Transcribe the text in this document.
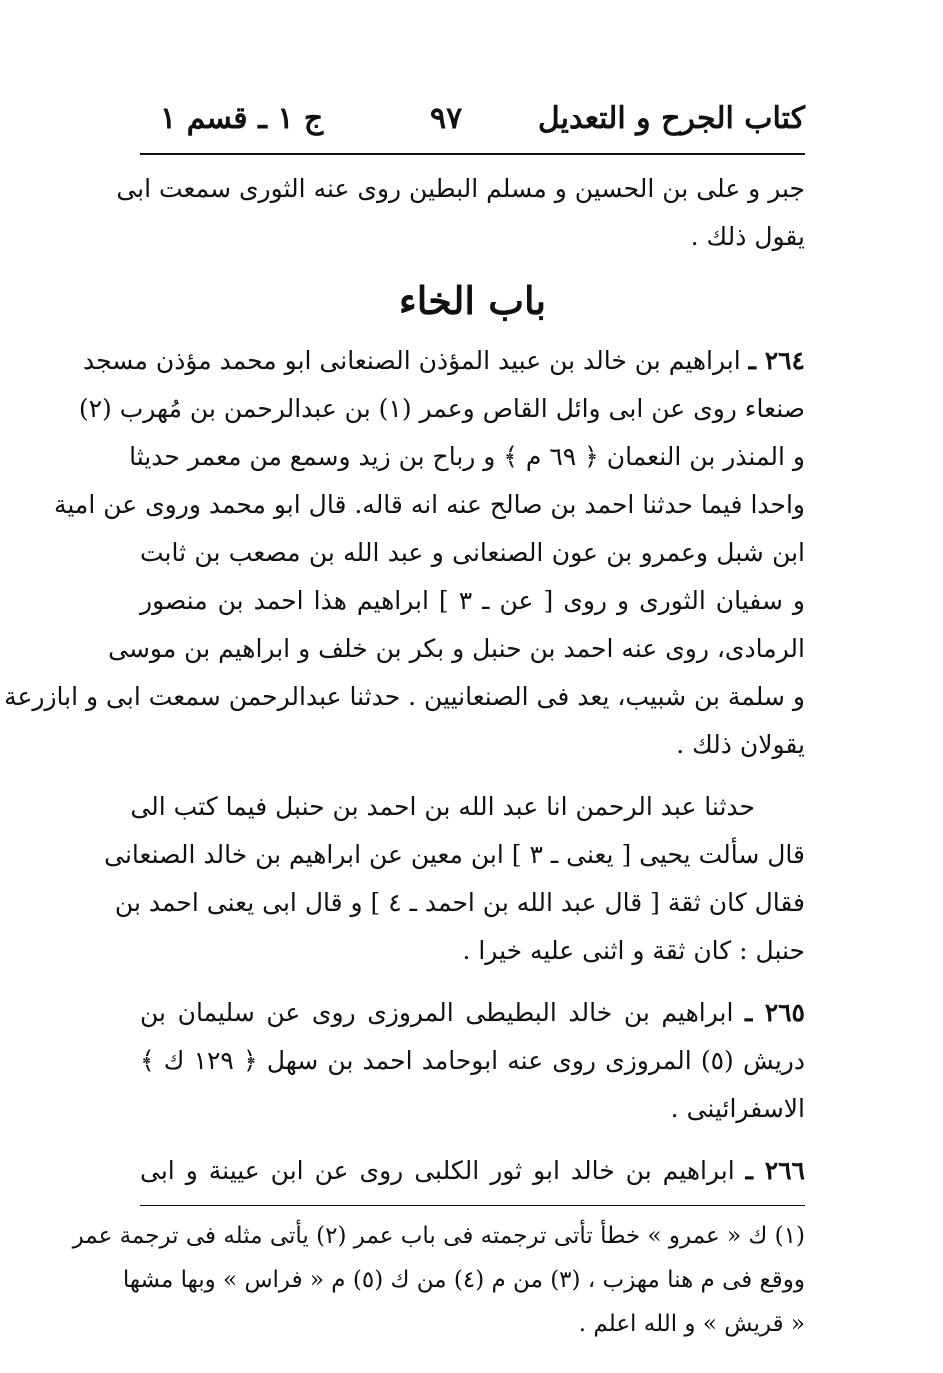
كتاب الجرح و التعديل
٩٧
ج ١ ـ قسم ١
جبر و على بن الحسين و مسلم البطين روى عنه الثورى سمعت ابى
يقول ذلك .
باب الخاء
٢٦٤ ـ ابراهيم بن خالد بن عبيد المؤذن الصنعانى ابو محمد مؤذن مسجد
صنعاء روى عن ابى وائل القاص وعمر (١) بن عبدالرحمن بن مُهرب (٢)
و المنذر بن النعمان ﴿ ٦٩ م ﴾ و رباح بن زيد وسمع من معمر حديثا
واحدا فيما حدثنا احمد بن صالح عنه انه قاله. قال ابو محمد وروى عن امية
ابن شبل وعمرو بن عون الصنعانى و عبد الله بن مصعب بن ثابت
و سفيان الثورى و روى [ عن ـ ٣ ] ابراهيم هذا احمد بن منصور
الرمادى، روى عنه احمد بن حنبل و بكر بن خلف و ابراهيم بن موسى
و سلمة بن شبيب، يعد فى الصنعانيين . حدثنا عبدالرحمن سمعت ابى و ابازرعة
يقولان ذلك .
حدثنا عبد الرحمن انا عبد الله بن احمد بن حنبل فيما كتب الى
قال سألت يحيى [ يعنى ـ ٣ ] ابن معين عن ابراهيم بن خالد الصنعانى
فقال كان ثقة [ قال عبد الله بن احمد ـ ٤ ] و قال ابى يعنى احمد بن
حنبل : كان ثقة و اثنى عليه خيرا .
٢٦٥ ـ ابراهيم بن خالد البطيطى المروزى روى عن سليمان بن
دريش (٥) المروزى روى عنه ابوحامد احمد بن سهل ﴿ ١٢٩ ك ﴾
الاسفرائينى .
٢٦٦ ـ ابراهيم بن خالد ابو ثور الكلبى روى عن ابن عيينة و ابى
(١) ك « عمرو » خطأ تأتى ترجمته فى باب عمر (٢) يأتى مثله فى ترجمة عمر
ووقع فى م هنا مهزب ، (٣) من م (٤) من ك (٥) م « فراس » وبها مشها
« قريش » و الله اعلم .
